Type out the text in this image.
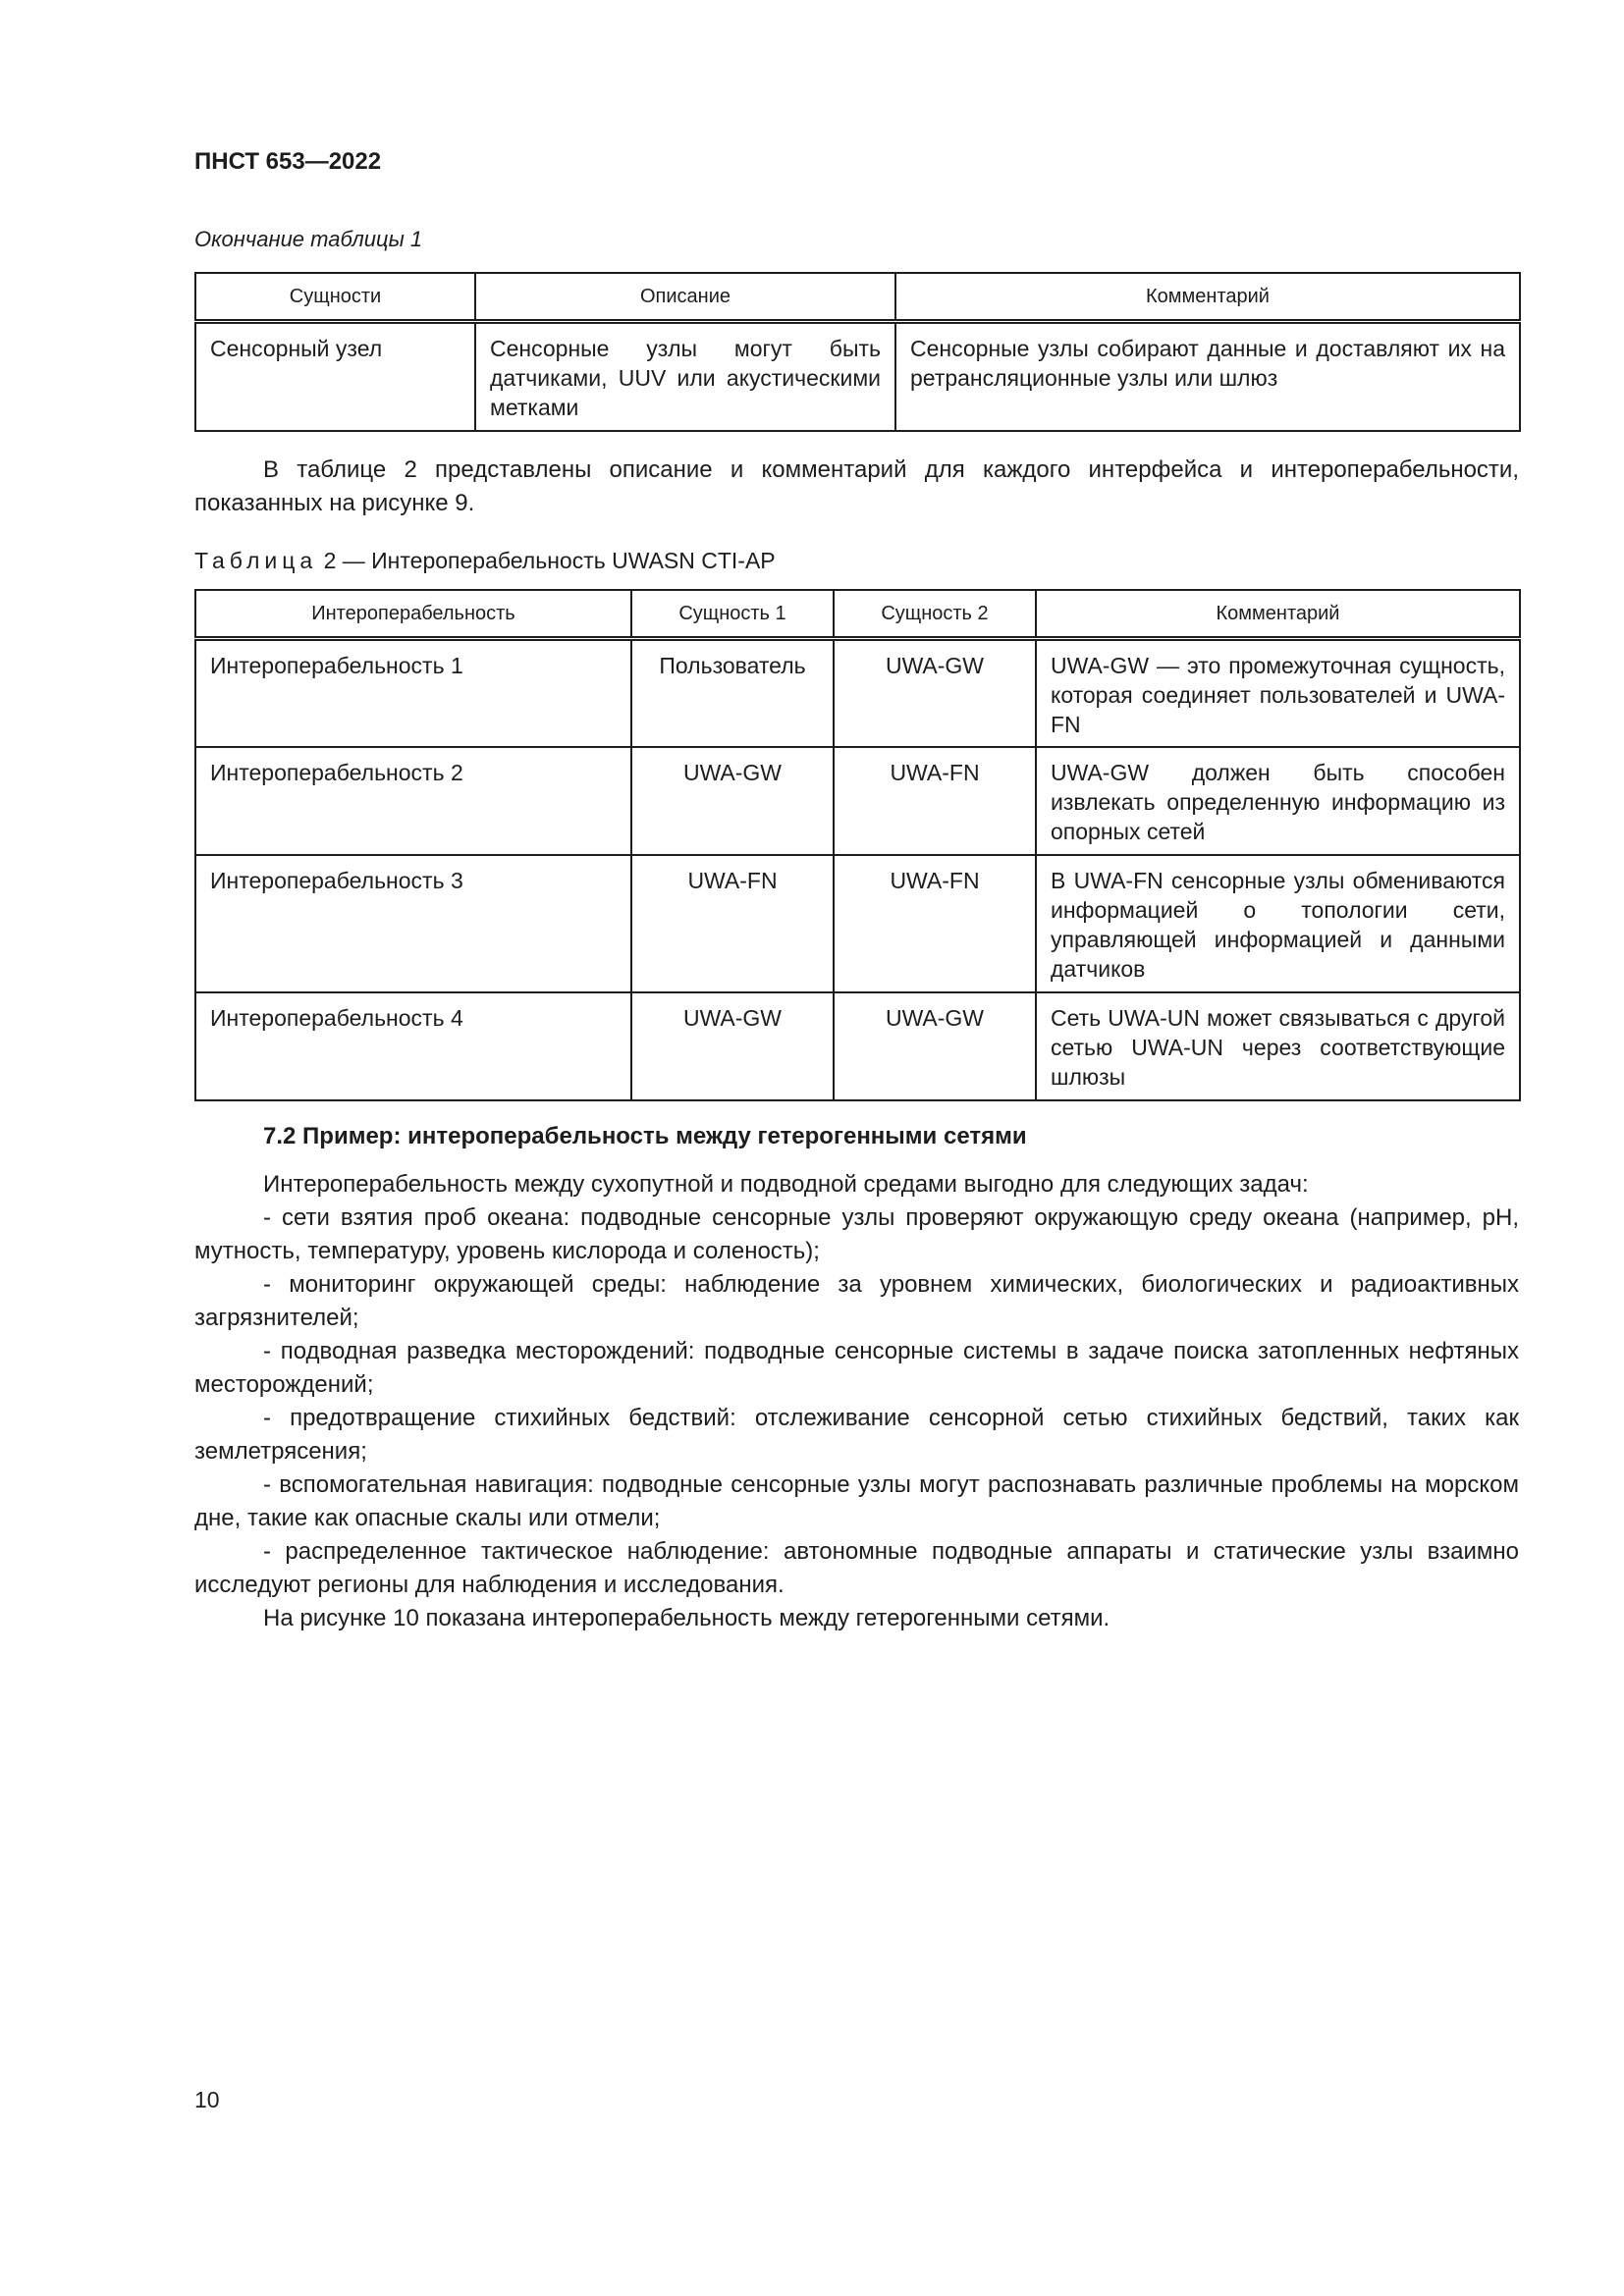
ПНСТ 653—2022
Окончание таблицы 1
Сущности	Описание	Комментарий
Сенсорный узел	Сенсорные узлы могут быть датчиками, UUV или акустическими метками	Сенсорные узлы собирают данные и доставляют их на ретрансляционные узлы или шлюз

В таблице 2 представлены описание и комментарий для каждого интерфейса и интероперабельности, показанных на рисунке 9.

Таблица 2 — Интероперабельность UWASN CTI-AP
Интероперабельность	Сущность 1	Сущность 2	Комментарий
Интероперабельность 1	Пользователь	UWA-GW	UWA-GW — это промежуточная сущность, которая соединяет пользователей и UWA-FN
Интероперабельность 2	UWA-GW	UWA-FN	UWA-GW должен быть способен извлекать определенную информацию из опорных сетей
Интероперабельность 3	UWA-FN	UWA-FN	В UWA-FN сенсорные узлы обмениваются информацией о топологии сети, управляющей информацией и данными датчиков
Интероперабельность 4	UWA-GW	UWA-GW	Сеть UWA-UN может связываться с другой сетью UWA-UN через соответствующие шлюзы
7.2 Пример: интероперабельность между гетерогенными сетями

Интероперабельность между сухопутной и подводной средами выгодно для следующих задач:

- сети взятия проб океана: подводные сенсорные узлы проверяют окружающую среду океана (например, pH, мутность, температуру, уровень кислорода и соленость);

- мониторинг окружающей среды: наблюдение за уровнем химических, биологических и радиоактивных загрязнителей;

- подводная разведка месторождений: подводные сенсорные системы в задаче поиска затопленных нефтяных месторождений;

- предотвращение стихийных бедствий: отслеживание сенсорной сетью стихийных бедствий, таких как землетрясения;

- вспомогательная навигация: подводные сенсорные узлы могут распознавать различные проблемы на морском дне, такие как опасные скалы или отмели;

- распределенное тактическое наблюдение: автономные подводные аппараты и статические узлы взаимно исследуют регионы для наблюдения и исследования.

На рисунке 10 показана интероперабельность между гетерогенными сетями.

10
